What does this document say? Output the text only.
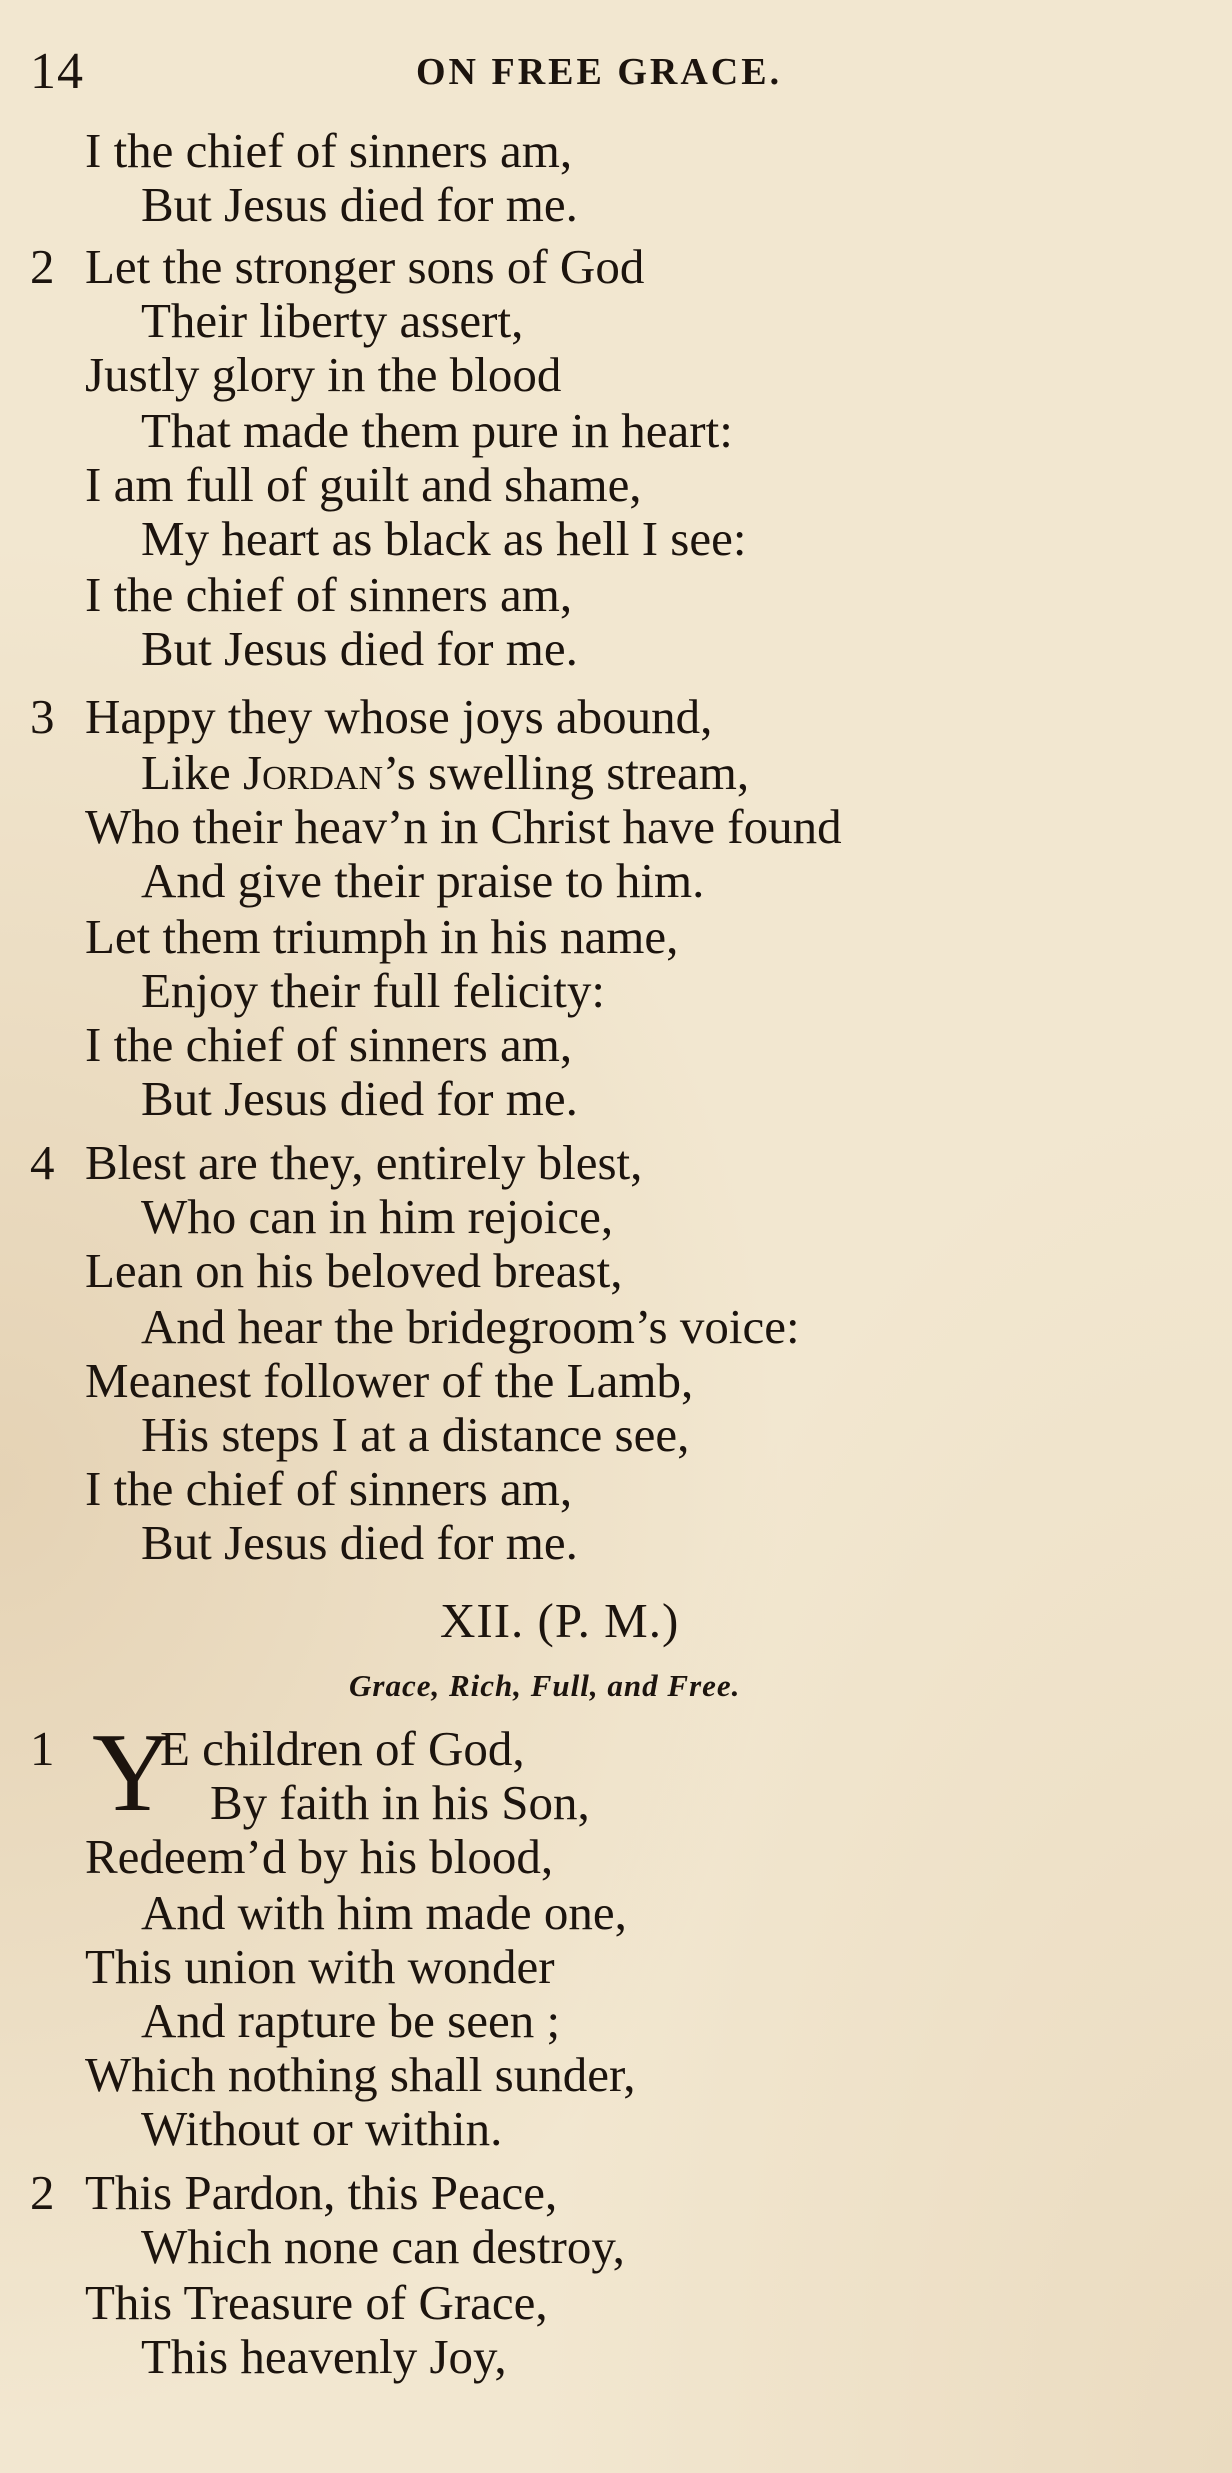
14	ON FREE GRACE.
I the chief of sinners am,
But Jesus died for me.
2 Let the stronger sons of God
Their liberty assert,
Justly glory in the blood
That made them pure in heart:
I am full of guilt and shame,
My heart as black as hell I see:
I the chief of sinners am,
But Jesus died for me.
3 Happy they whose joys abound,
Like Jordan’s swelling stream,
Who their heav’n in Christ have found
And give their praise to him.
Let them triumph in his name,
Enjoy their full felicity:
I the chief of sinners am,
But Jesus died for me.
4 Blest are they, entirely blest,
Who can in him rejoice,
Lean on his beloved breast,
And hear the bridegroom’s voice:
Meanest follower of the Lamb,
His steps I at a distance see,
I the chief of sinners am,
But Jesus died for me.
XII. (P. M.)
Grace, Rich, Full, and Free.
1 Y
E children of God,
By faith in his Son,
Redeem’d by his blood,
And with him made one,
This union with wonder
And rapture be seen ;
Which nothing shall sunder,
Without or within.
2 This Pardon, this Peace,
Which none can destroy,
This Treasure of Grace,
This heavenly Joy,
